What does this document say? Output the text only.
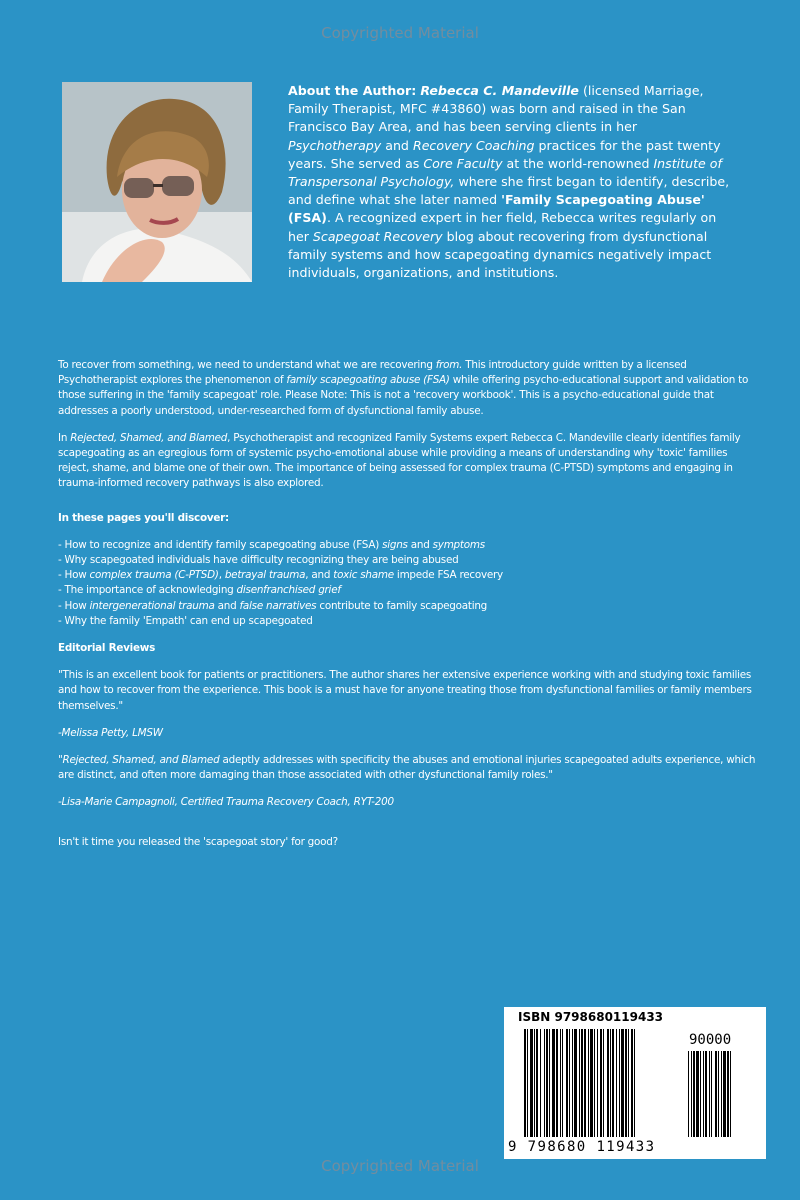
Copyrighted Material

About the Author: Rebecca C. Mandeville (licensed Marriage, Family Therapist, MFC #43860) was born and raised in the San Francisco Bay Area, and has been serving clients in her Psychotherapy and Recovery Coaching practices for the past twenty years. She served as Core Faculty at the world-renowned Institute of Transpersonal Psychology, where she first began to identify, describe, and define what she later named 'Family Scapegoating Abuse' (FSA). A recognized expert in her field, Rebecca writes regularly on her Scapegoat Recovery blog about recovering from dysfunctional family systems and how scapegoating dynamics negatively impact individuals, organizations, and institutions.

To recover from something, we need to understand what we are recovering from. This introductory guide written by a licensed Psychotherapist explores the phenomenon of family scapegoating abuse (FSA) while offering psycho-educational support and validation to those suffering in the 'family scapegoat' role. Please Note: This is not a 'recovery workbook'. This is a psycho-educational guide that addresses a poorly understood, under-researched form of dysfunctional family abuse.

In Rejected, Shamed, and Blamed, Psychotherapist and recognized Family Systems expert Rebecca C. Mandeville clearly identifies family scapegoating as an egregious form of systemic psycho-emotional abuse while providing a means of understanding why 'toxic' families reject, shame, and blame one of their own. The importance of being assessed for complex trauma (C-PTSD) symptoms and engaging in trauma-informed recovery pathways is also explored.

In these pages you'll discover:

- How to recognize and identify family scapegoating abuse (FSA) signs and symptoms
- Why scapegoated individuals have difficulty recognizing they are being abused
- How complex trauma (C-PTSD), betrayal trauma, and toxic shame impede FSA recovery
- The importance of acknowledging disenfranchised grief
- How intergenerational trauma and false narratives contribute to family scapegoating
- Why the family 'Empath' can end up scapegoated

Editorial Reviews

"This is an excellent book for patients or practitioners. The author shares her extensive experience working with and studying toxic families and how to recover from the experience. This book is a must have for anyone treating those from dysfunctional families or family members themselves."

-Melissa Petty, LMSW

"Rejected, Shamed, and Blamed adeptly addresses with specificity the abuses and emotional injuries scapegoated adults experience, which are distinct, and often more damaging than those associated with other dysfunctional family roles."

-Lisa-Marie Campagnoli, Certified Trauma Recovery Coach, RYT-200

Isn't it time you released the 'scapegoat story' for good?

ISBN 9798680119433
90000
9 798680 119433
Copyrighted Material
